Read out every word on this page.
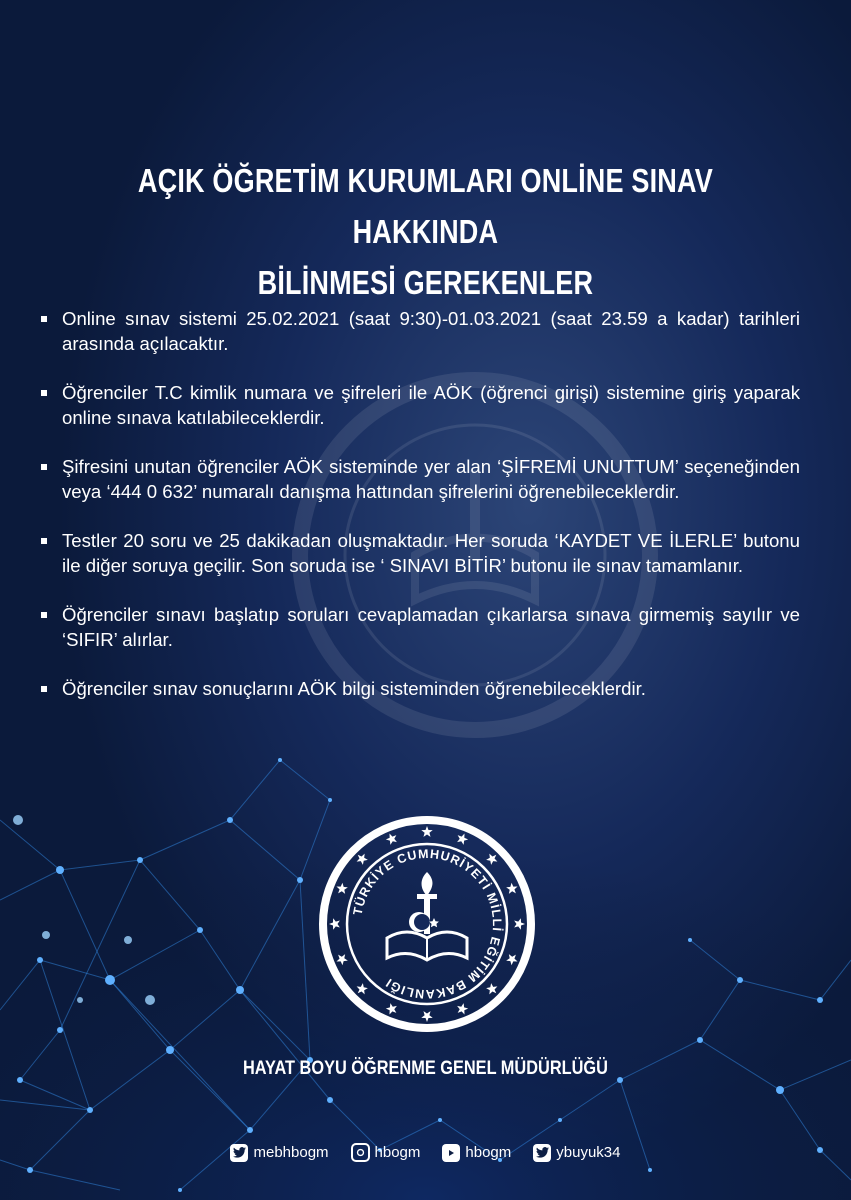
AÇIK ÖĞRETİM KURUMLARI ONLİNE SINAV HAKKINDA
BİLİNMESİ GEREKENLER
Online sınav sistemi 25.02.2021 (saat 9:30)-01.03.2021 (saat 23.59 a kadar) tarihleri arasında açılacaktır.
Öğrenciler T.C kimlik numara ve şifreleri ile AÖK (öğrenci girişi) sistemine giriş yaparak online sınava katılabileceklerdir.
Şifresini unutan öğrenciler AÖK sisteminde yer alan ‘ŞİFREMİ UNUTTUM’ seçeneğinden veya ‘444 0 632’ numaralı danışma hattından şifrelerini öğrenebileceklerdir.
Testler 20 soru ve 25 dakikadan oluşmaktadır. Her soruda ‘KAYDET VE İLERLE’ butonu ile diğer soruya geçilir. Son soruda ise ‘ SINAVI BİTİR’ butonu ile sınav tamamlanır.
Öğrenciler sınavı başlatıp soruları cevaplamadan çıkarlarsa sınava girmemiş sayılır ve ‘SIFIR’ alırlar.
Öğrenciler sınav sonuçlarını AÖK bilgi sisteminden öğrenebileceklerdir.
TÜRKİYE CUMHURİYETİ MİLLİ EĞİTİM BAKANLIĞI
HAYAT BOYU ÖĞRENME GENEL MÜDÜRLÜĞÜ
mebhbogm	hbogm	hbogm	ybuyuk34
